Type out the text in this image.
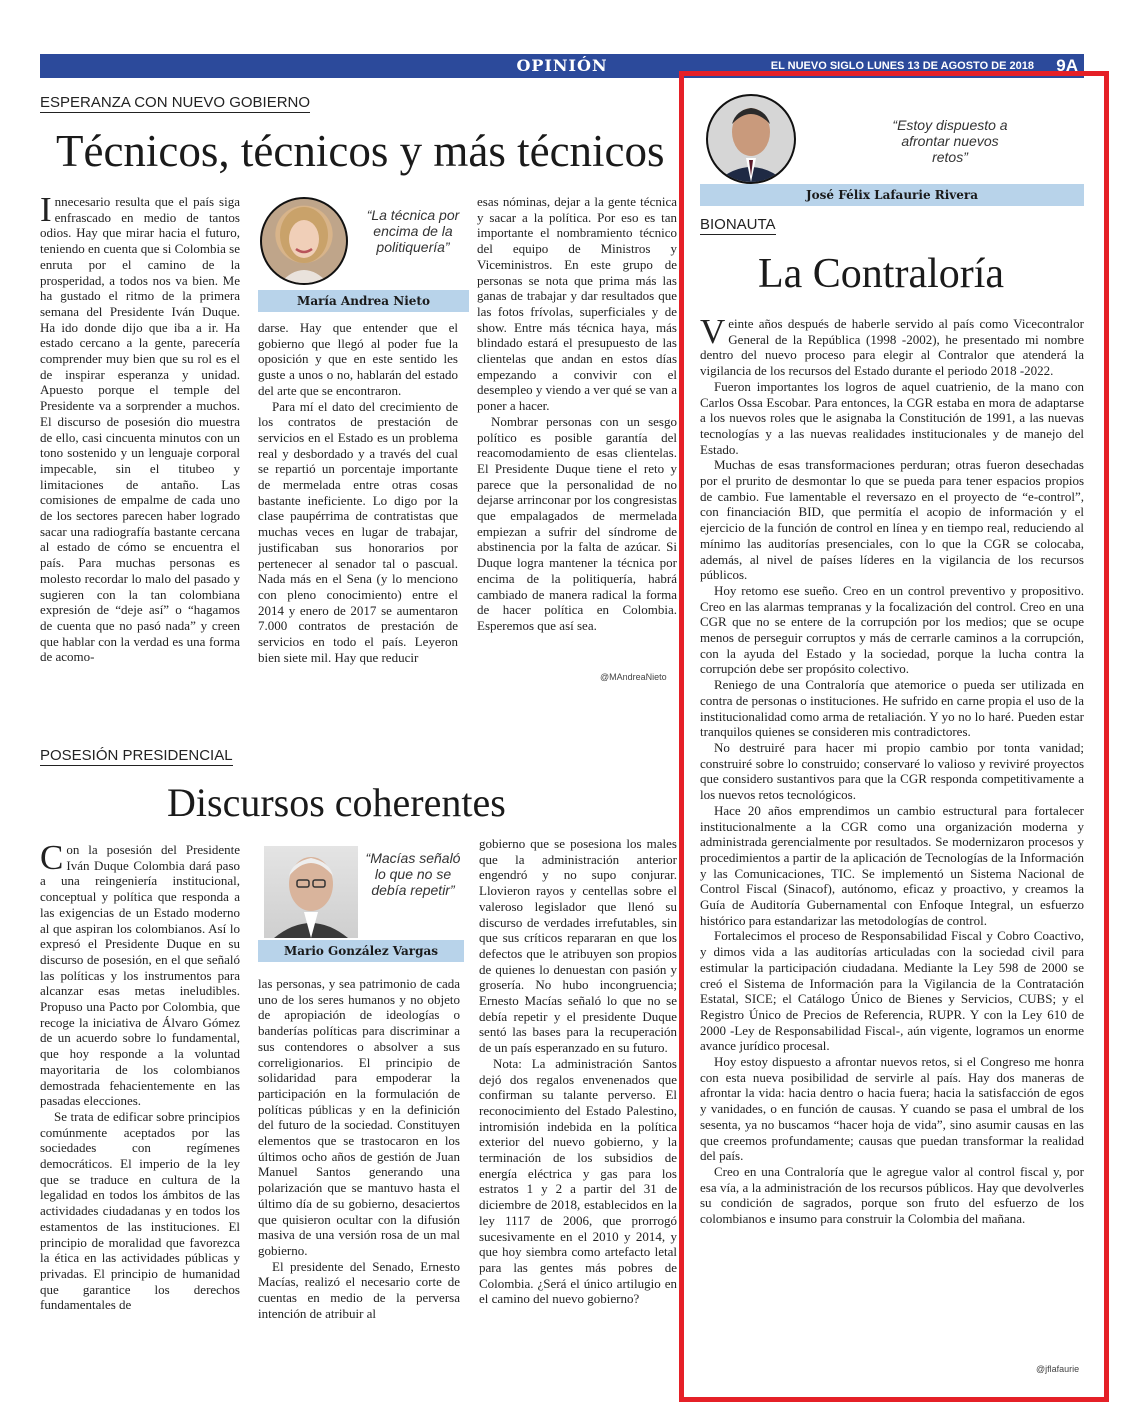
OPINIÓN	EL NUEVO SIGLO LUNES 13 DE AGOSTO DE 2018 9A
ESPERANZA CON NUEVO GOBIERNO
Técnicos, técnicos y más técnicos

Innecesario resulta que el país siga enfrascado en medio de tantos odios. Hay que mirar hacia el futuro, teniendo en cuenta que si Colombia se enruta por el camino de la prosperidad, a todos nos va bien. Me ha gustado el ritmo de la primera semana del Presidente Iván Duque. Ha ido donde dijo que iba a ir. Ha estado cercano a la gente, parecería comprender muy bien que su rol es el de inspirar esperanza y unidad. Apuesto porque el temple del Presidente va a sorprender a muchos. El discurso de posesión dio muestra de ello, casi cincuenta minutos con un tono sostenido y un lenguaje corporal impecable, sin el titubeo y limitaciones de antaño. Las comisiones de empalme de cada uno de los sectores parecen haber logrado sacar una radiografía bastante cercana al estado de cómo se encuentra el país. Para muchas personas es molesto recordar lo malo del pasado y sugieren con la tan colombiana expresión de “deje así” o “hagamos de cuenta que no pasó nada” y creen que hablar con la verdad es una forma de acomo-

“La técnica por encima de la politiquería”
María Andrea Nieto

darse. Hay que entender que el gobierno que llegó al poder fue la oposición y que en este sentido les guste a unos o no, hablarán del estado del arte que se encontraron.

Para mí el dato del crecimiento de los contratos de prestación de servicios en el Estado es un problema real y desbordado y a través del cual se repartió un porcentaje importante de mermelada entre otras cosas bastante ineficiente. Lo digo por la clase paupérrima de contratistas que muchas veces en lugar de trabajar, justificaban sus honorarios por pertenecer al senador tal o pascual. Nada más en el Sena (y lo menciono con pleno conocimiento) entre el 2014 y enero de 2017 se aumentaron 7.000 contratos de prestación de servicios en todo el país. Leyeron bien siete mil. Hay que reducir

esas nóminas, dejar a la gente técnica y sacar a la política. Por eso es tan importante el nombramiento técnico del equipo de Ministros y Viceministros. En este grupo de personas se nota que prima más las ganas de trabajar y dar resultados que las fotos frívolas, superficiales y de show. Entre más técnica haya, más blindado estará el presupuesto de las clientelas que andan en estos días empezando a convivir con el desempleo y viendo a ver qué se van a poner a hacer.

Nombrar personas con un sesgo político es posible garantía del reacomodamiento de esas clientelas. El Presidente Duque tiene el reto y parece que la personalidad de no dejarse arrinconar por los congresistas que empalagados de mermelada empiezan a sufrir del síndrome de abstinencia por la falta de azúcar. Si Duque logra mantener la técnica por encima de la politiquería, habrá cambiado de manera radical la forma de hacer política en Colombia. Esperemos que así sea.

@MAndreaNieto
POSESIÓN PRESIDENCIAL
Discursos coherentes

Con la posesión del Presidente Iván Duque Colombia dará paso a una reingeniería institucional, conceptual y política que responda a las exigencias de un Estado moderno al que aspiran los colombianos. Así lo expresó el Presidente Duque en su discurso de posesión, en el que señaló las políticas y los instrumentos para alcanzar esas metas ineludibles. Propuso una Pacto por Colombia, que recoge la iniciativa de Álvaro Gómez de un acuerdo sobre lo fundamental, que hoy responde a la voluntad mayoritaria de los colombianos demostrada fehacientemente en las pasadas elecciones.

Se trata de edificar sobre principios comúnmente aceptados por las sociedades con regímenes democráticos. El imperio de la ley que se traduce en cultura de la legalidad en todos los ámbitos de las actividades ciudadanas y en todos los estamentos de las instituciones. El principio de moralidad que favorezca la ética en las actividades públicas y privadas. El principio de humanidad que garantice los derechos fundamentales de

“Macías señaló lo que no se debía repetir”
Mario González Vargas

las personas, y sea patrimonio de cada uno de los seres humanos y no objeto de apropiación de ideologías o banderías políticas para discriminar a sus contendores o absolver a sus correligionarios. El principio de solidaridad para empoderar la participación en la formulación de políticas públicas y en la definición del futuro de la sociedad. Constituyen elementos que se trastocaron en los últimos ocho años de gestión de Juan Manuel Santos generando una polarización que se mantuvo hasta el último día de su gobierno, desaciertos que quisieron ocultar con la difusión masiva de una versión rosa de un mal gobierno.

El presidente del Senado, Ernesto Macías, realizó el necesario corte de cuentas en medio de la perversa intención de atribuir al

gobierno que se posesiona los males que la administración anterior engendró y no supo conjurar. Llovieron rayos y centellas sobre el valeroso legislador que llenó su discurso de verdades irrefutables, sin que sus críticos repararan en que los defectos que le atribuyen son propios de quienes lo denuestan con pasión y grosería. No hubo incongruencia; Ernesto Macías señaló lo que no se debía repetir y el presidente Duque sentó las bases para la recuperación de un país esperanzado en su futuro.

Nota: La administración Santos dejó dos regalos envenenados que confirman su talante perverso. El reconocimiento del Estado Palestino, intromisión indebida en la política exterior del nuevo gobierno, y la terminación de los subsidios de energía eléctrica y gas para los estratos 1 y 2 a partir del 31 de diciembre de 2018, establecidos en la ley 1117 de 2006, que prorrogó sucesivamente en el 2010 y 2014, y que hoy siembra como artefacto letal para las gentes más pobres de Colombia. ¿Será el único artilugio en el camino del nuevo gobierno?

“Estoy dispuesto a afrontar nuevos retos”
José Félix Lafaurie Rivera
BIONAUTA
La Contraloría

Veinte años después de haberle servido al país como Vicecontralor General de la República (1998 -2002), he presentado mi nombre dentro del nuevo proceso para elegir al Contralor que atenderá la vigilancia de los recursos del Estado durante el periodo 2018 -2022.

Fueron importantes los logros de aquel cuatrienio, de la mano con Carlos Ossa Escobar. Para entonces, la CGR estaba en mora de adaptarse a los nuevos roles que le asignaba la Constitución de 1991, a las nuevas tecnologías y a las nuevas realidades institucionales y de manejo del Estado.

Muchas de esas transformaciones perduran; otras fueron desechadas por el prurito de desmontar lo que se pueda para tener espacios propios de cambio. Fue lamentable el reversazo en el proyecto de “e-control”, con financiación BID, que permitía el acopio de información y el ejercicio de la función de control en línea y en tiempo real, reduciendo al mínimo las auditorías presenciales, con lo que la CGR se colocaba, además, al nivel de países líderes en la vigilancia de los recursos públicos.

Hoy retomo ese sueño. Creo en un control preventivo y propositivo. Creo en las alarmas tempranas y la focalización del control. Creo en una CGR que no se entere de la corrupción por los medios; que se ocupe menos de perseguir corruptos y más de cerrarle caminos a la corrupción, con la ayuda del Estado y la sociedad, porque la lucha contra la corrupción debe ser propósito colectivo.

Reniego de una Contraloría que atemorice o pueda ser utilizada en contra de personas o instituciones. He sufrido en carne propia el uso de la institucionalidad como arma de retaliación. Y yo no lo haré. Pueden estar tranquilos quienes se consideren mis contradictores.

No destruiré para hacer mi propio cambio por tonta vanidad; construiré sobre lo construido; conservaré lo valioso y reviviré proyectos que considero sustantivos para que la CGR responda competitivamente a los nuevos retos tecnológicos.

Hace 20 años emprendimos un cambio estructural para fortalecer institucionalmente a la CGR como una organización moderna y administrada gerencialmente por resultados. Se modernizaron procesos y procedimientos a partir de la aplicación de Tecnologías de la Información y las Comunicaciones, TIC. Se implementó un Sistema Nacional de Control Fiscal (Sinacof), autónomo, eficaz y proactivo, y creamos la Guía de Auditoría Gubernamental con Enfoque Integral, un esfuerzo histórico para estandarizar las metodologías de control.

Fortalecimos el proceso de Responsabilidad Fiscal y Cobro Coactivo, y dimos vida a las auditorías articuladas con la sociedad civil para estimular la participación ciudadana. Mediante la Ley 598 de 2000 se creó el Sistema de Información para la Vigilancia de la Contratación Estatal, SICE; el Catálogo Único de Bienes y Servicios, CUBS; y el Registro Único de Precios de Referencia, RUPR. Y con la Ley 610 de 2000 -Ley de Responsabilidad Fiscal-, aún vigente, logramos un enorme avance jurídico procesal.

Hoy estoy dispuesto a afrontar nuevos retos, si el Congreso me honra con esta nueva posibilidad de servirle al país. Hay dos maneras de afrontar la vida: hacia dentro o hacia fuera; hacia la satisfacción de egos y vanidades, o en función de causas. Y cuando se pasa el umbral de los sesenta, ya no buscamos “hacer hoja de vida”, sino asumir causas en las que creemos profundamente; causas que puedan transformar la realidad del país.

Creo en una Contraloría que le agregue valor al control fiscal y, por esa vía, a la administración de los recursos públicos. Hay que devolverles su condición de sagrados, porque son fruto del esfuerzo de los colombianos e insumo para construir la Colombia del mañana.

@jflafaurie
